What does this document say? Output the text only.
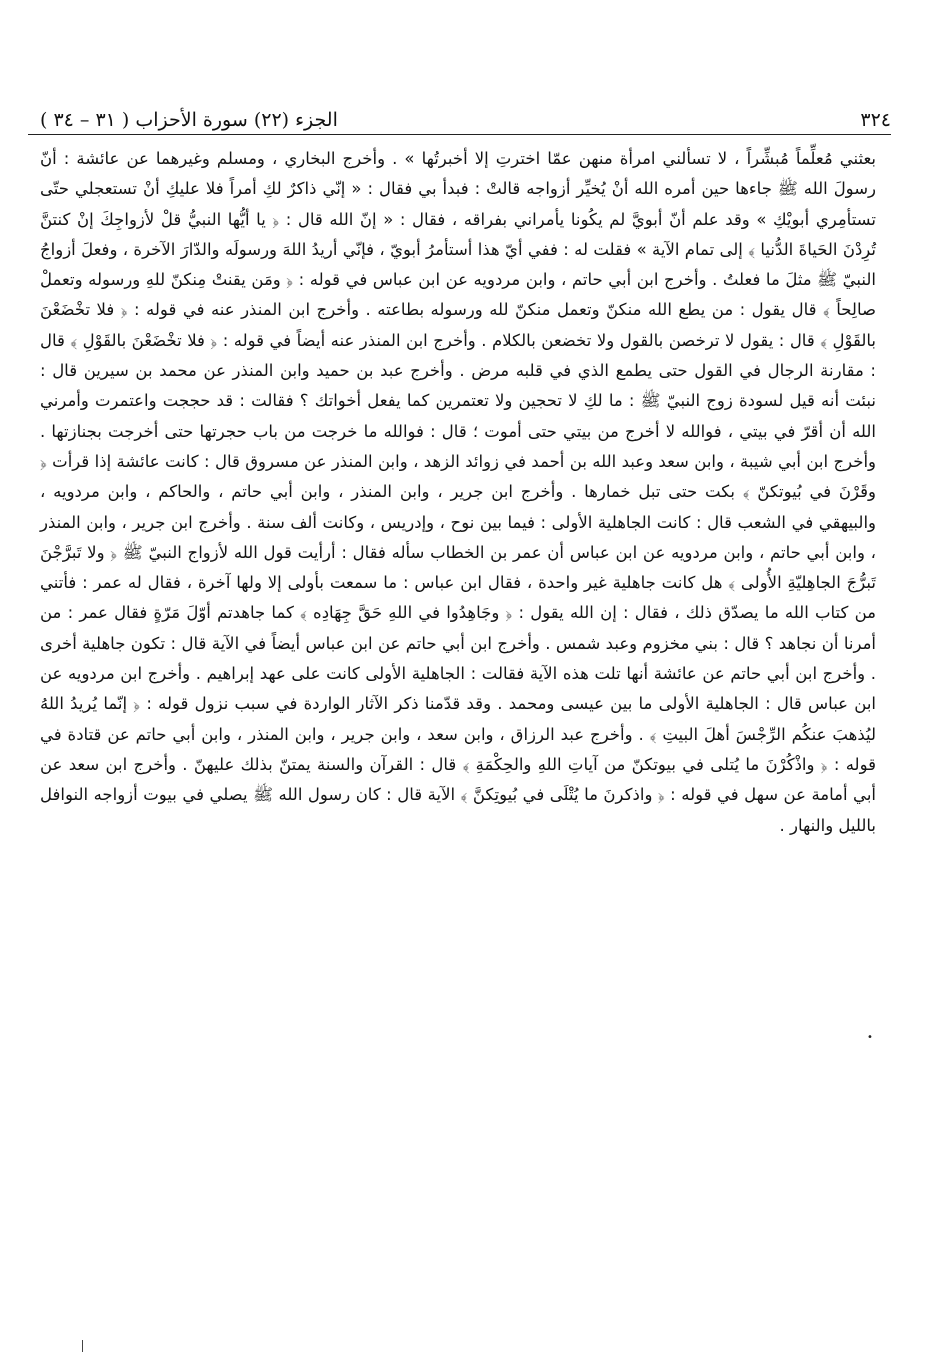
٣٢٤
الجزء (٢٢) سورة الأحزاب ( ٣١ – ٣٤ )

بعثني مُعلِّماً مُبشِّراً ، لا تسألني امرأة منهن عمّا اخترتِ إلا أخبرتُها » . وأخرج البخاري ، ومسلم وغيرهما عن عائشة : أنّ رسولَ الله ﷺ جاءها حين أمره الله أنْ يُخيِّر أزواجه قالتْ : فبدأ بي فقال : « إنّي ذاكرٌ لكِ أمراً فلا عليكِ أنْ تستعجلي حتّى تستأمِري أبويْكِ » وقد علم أنّ أبويَّ لم يكُونا يأمراني بفراقه ، فقال : « إنّ الله قال : ﴿ يا أيُّها النبيُّ قلْ لأزواجِكَ إنْ كنتنَّ تُرِدْنَ الحَياةَ الدُّنيا ﴾ إلى تمام الآية » فقلت له : ففي أيّ هذا أستأمرُ أبويّ ، فإنّي أريدُ اللهَ ورسولَه والدّارَ الآخرة ، وفعلَ أزواجُ النبيّ ﷺ مثلَ ما فعلتُ . وأخرج ابن أبي حاتم ، وابن مردويه عن ابن عباس في قوله : ﴿ ومَن يقنتْ مِنكنّ للهِ ورسوله وتعملْ صالِحاً ﴾ قال يقول : من يطع الله منكنّ وتعمل منكنّ لله ورسوله بطاعته . وأخرج ابن المنذر عنه في قوله : ﴿ فلا تخْضَعْنَ بالقَوْلِ ﴾ قال : يقول لا ترخصن بالقول ولا تخضعن بالكلام . وأخرج ابن المنذر عنه أيضاً في قوله : ﴿ فلا تخْضَعْنَ بالقَوْلِ ﴾ قال : مقارنة الرجال في القول حتى يطمع الذي في قلبه مرض . وأخرج عبد بن حميد وابن المنذر عن محمد بن سيرين قال : نبئت أنه قيل لسودة زوج النبيّ ﷺ : ما لكِ لا تحجين ولا تعتمرين كما يفعل أخواتك ؟ فقالت : قد حججت واعتمرت وأمرني الله أن أقرّ في بيتي ، فوالله لا أخرج من بيتي حتى أموت ؛ قال : فوالله ما خرجت من باب حجرتها حتى أخرجت بجنازتها . وأخرج ابن أبي شيبة ، وابن سعد وعبد الله بن أحمد في زوائد الزهد ، وابن المنذر عن مسروق قال : كانت عائشة إذا قرأت ﴿ وقَرْنَ في بُيوتكنّ ﴾ بكت حتى تبل خمارها . وأخرج ابن جرير ، وابن المنذر ، وابن أبي حاتم ، والحاكم ، وابن مردويه ، والبيهقي في الشعب قال : كانت الجاهلية الأولى : فيما بين نوح ، وإدريس ، وكانت ألف سنة . وأخرج ابن جرير ، وابن المنذر ، وابن أبي حاتم ، وابن مردويه عن ابن عباس أن عمر بن الخطاب سأله فقال : أرأيت قول الله لأزواج النبيّ ﷺ ﴿ ولا تَبرَّجْنَ تَبرُّجَ الجاهِليّةِ الأُولى ﴾ هل كانت جاهلية غير واحدة ، فقال ابن عباس : ما سمعت بأولى إلا ولها آخرة ، فقال له عمر : فأتني من كتاب الله ما يصدّق ذلك ، فقال : إن الله يقول : ﴿ وجَاهِدُوا في اللهِ حَقَّ جِهَادِه ﴾ كما جاهدتم أوّلَ مَرّةٍ فقال عمر : من أمرنا أن نجاهد ؟ قال : بني مخزوم وعبد شمس . وأخرج ابن أبي حاتم عن ابن عباس أيضاً في الآية قال : تكون جاهلية أخرى . وأخرج ابن أبي حاتم عن عائشة أنها تلت هذه الآية فقالت : الجاهلية الأولى كانت على عهد إبراهيم . وأخرج ابن مردويه عن ابن عباس قال : الجاهلية الأولى ما بين عيسى ومحمد . وقد قدّمنا ذكر الآثار الواردة في سبب نزول قوله : ﴿ إنّما يُريدُ اللهُ ليُذهبَ عنكُم الرِّجْسَ أهلَ البيتِ ﴾ . وأخرج عبد الرزاق ، وابن سعد ، وابن جرير ، وابن المنذر ، وابن أبي حاتم عن قتادة في قوله : ﴿ واذْكُرْنَ ما يُتلى في بيوتكنّ من آياتِ اللهِ والحِكْمَةِ ﴾ قال : القرآن والسنة يمتنّ بذلك عليهنّ . وأخرج ابن سعد عن أبي أمامة عن سهل في قوله : ﴿ واذكرنَ ما يُتْلَى في بُيوتِكنَّ ﴾ الآية قال : كان رسول الله ﷺ يصلي في بيوت أزواجه النوافل بالليل والنهار .

•
